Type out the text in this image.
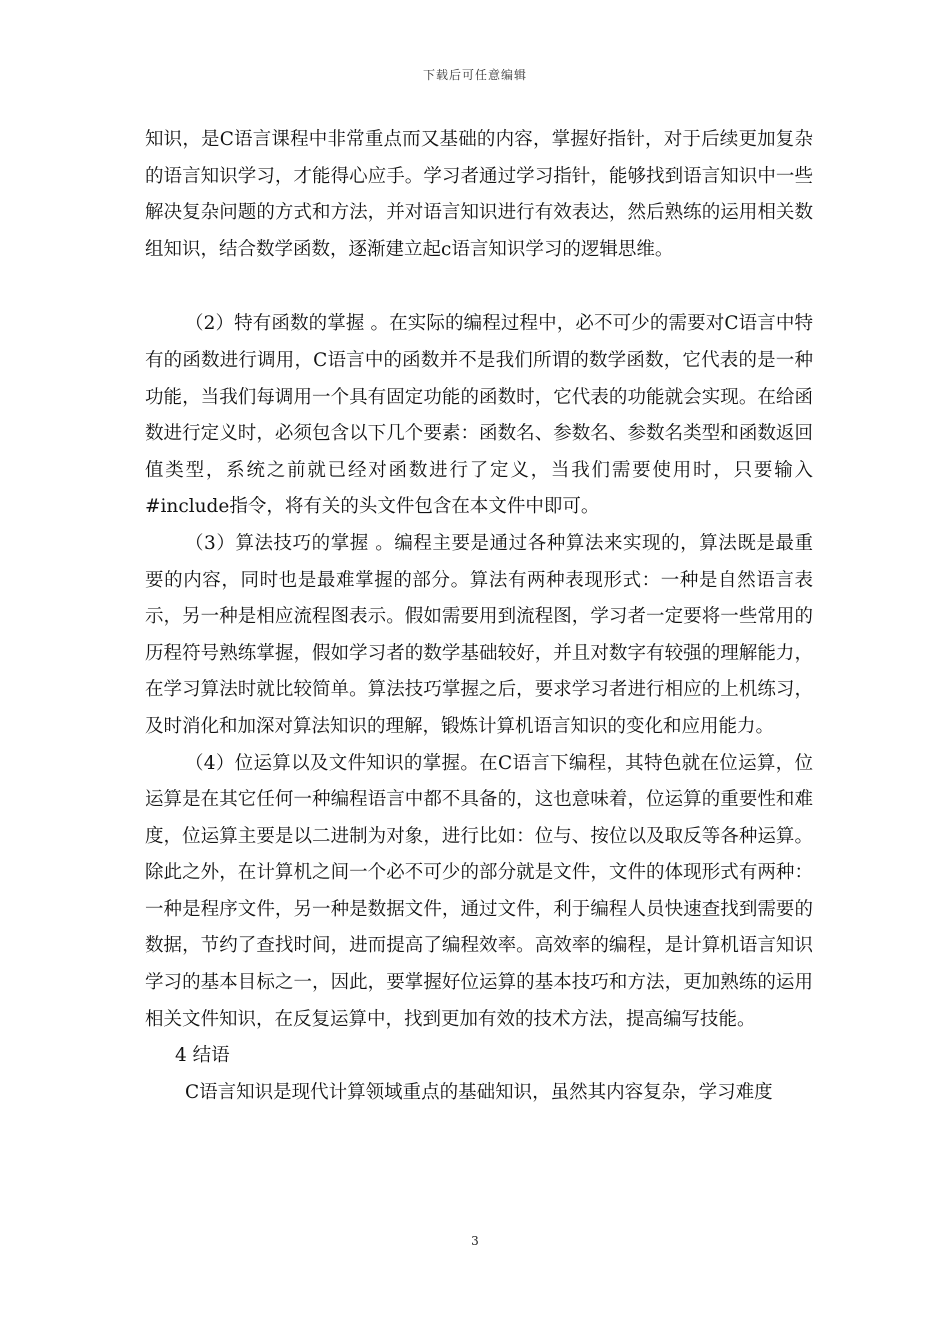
下载后可任意编辑

知识，是C语言课程中非常重点而又基础的内容，掌握好指针，对于后续更加复杂的语言知识学习，才能得心应手。学习者通过学习指针，能够找到语言知识中一些解决复杂问题的方式和方法，并对语言知识进行有效表达，然后熟练的运用相关数组知识，结合数学函数，逐渐建立起c语言知识学习的逻辑思维。

（2）特有函数的掌握 。在实际的编程过程中，必不可少的需要对C语言中特有的函数进行调用，C语言中的函数并不是我们所谓的数学函数，它代表的是一种功能，当我们每调用一个具有固定功能的函数时，它代表的功能就会实现。在给函数进行定义时，必须包含以下几个要素：函数名、参数名、参数名类型和函数返回值类型，系统之前就已经对函数进行了定义，当我们需要使用时，只要输入#include指令，将有关的头文件包含在本文件中即可。

（3）算法技巧的掌握 。编程主要是通过各种算法来实现的，算法既是最重要的内容，同时也是最难掌握的部分。算法有两种表现形式：一种是自然语言表示，另一种是相应流程图表示。假如需要用到流程图，学习者一定要将一些常用的历程符号熟练掌握，假如学习者的数学基础较好，并且对数字有较强的理解能力，在学习算法时就比较简单。算法技巧掌握之后，要求学习者进行相应的上机练习，及时消化和加深对算法知识的理解，锻炼计算机语言知识的变化和应用能力。

（4）位运算以及文件知识的掌握。在C语言下编程，其特色就在位运算，位运算是在其它任何一种编程语言中都不具备的，这也意味着，位运算的重要性和难度，位运算主要是以二进制为对象，进行比如：位与、按位以及取反等各种运算。除此之外，在计算机之间一个必不可少的部分就是文件，文件的体现形式有两种：一种是程序文件，另一种是数据文件，通过文件，利于编程人员快速查找到需要的数据，节约了查找时间，进而提高了编程效率。高效率的编程，是计算机语言知识学习的基本目标之一，因此，要掌握好位运算的基本技巧和方法，更加熟练的运用相关文件知识，在反复运算中，找到更加有效的技术方法，提高编写技能。

4 结语

C语言知识是现代计算领域重点的基础知识，虽然其内容复杂，学习难度

3
